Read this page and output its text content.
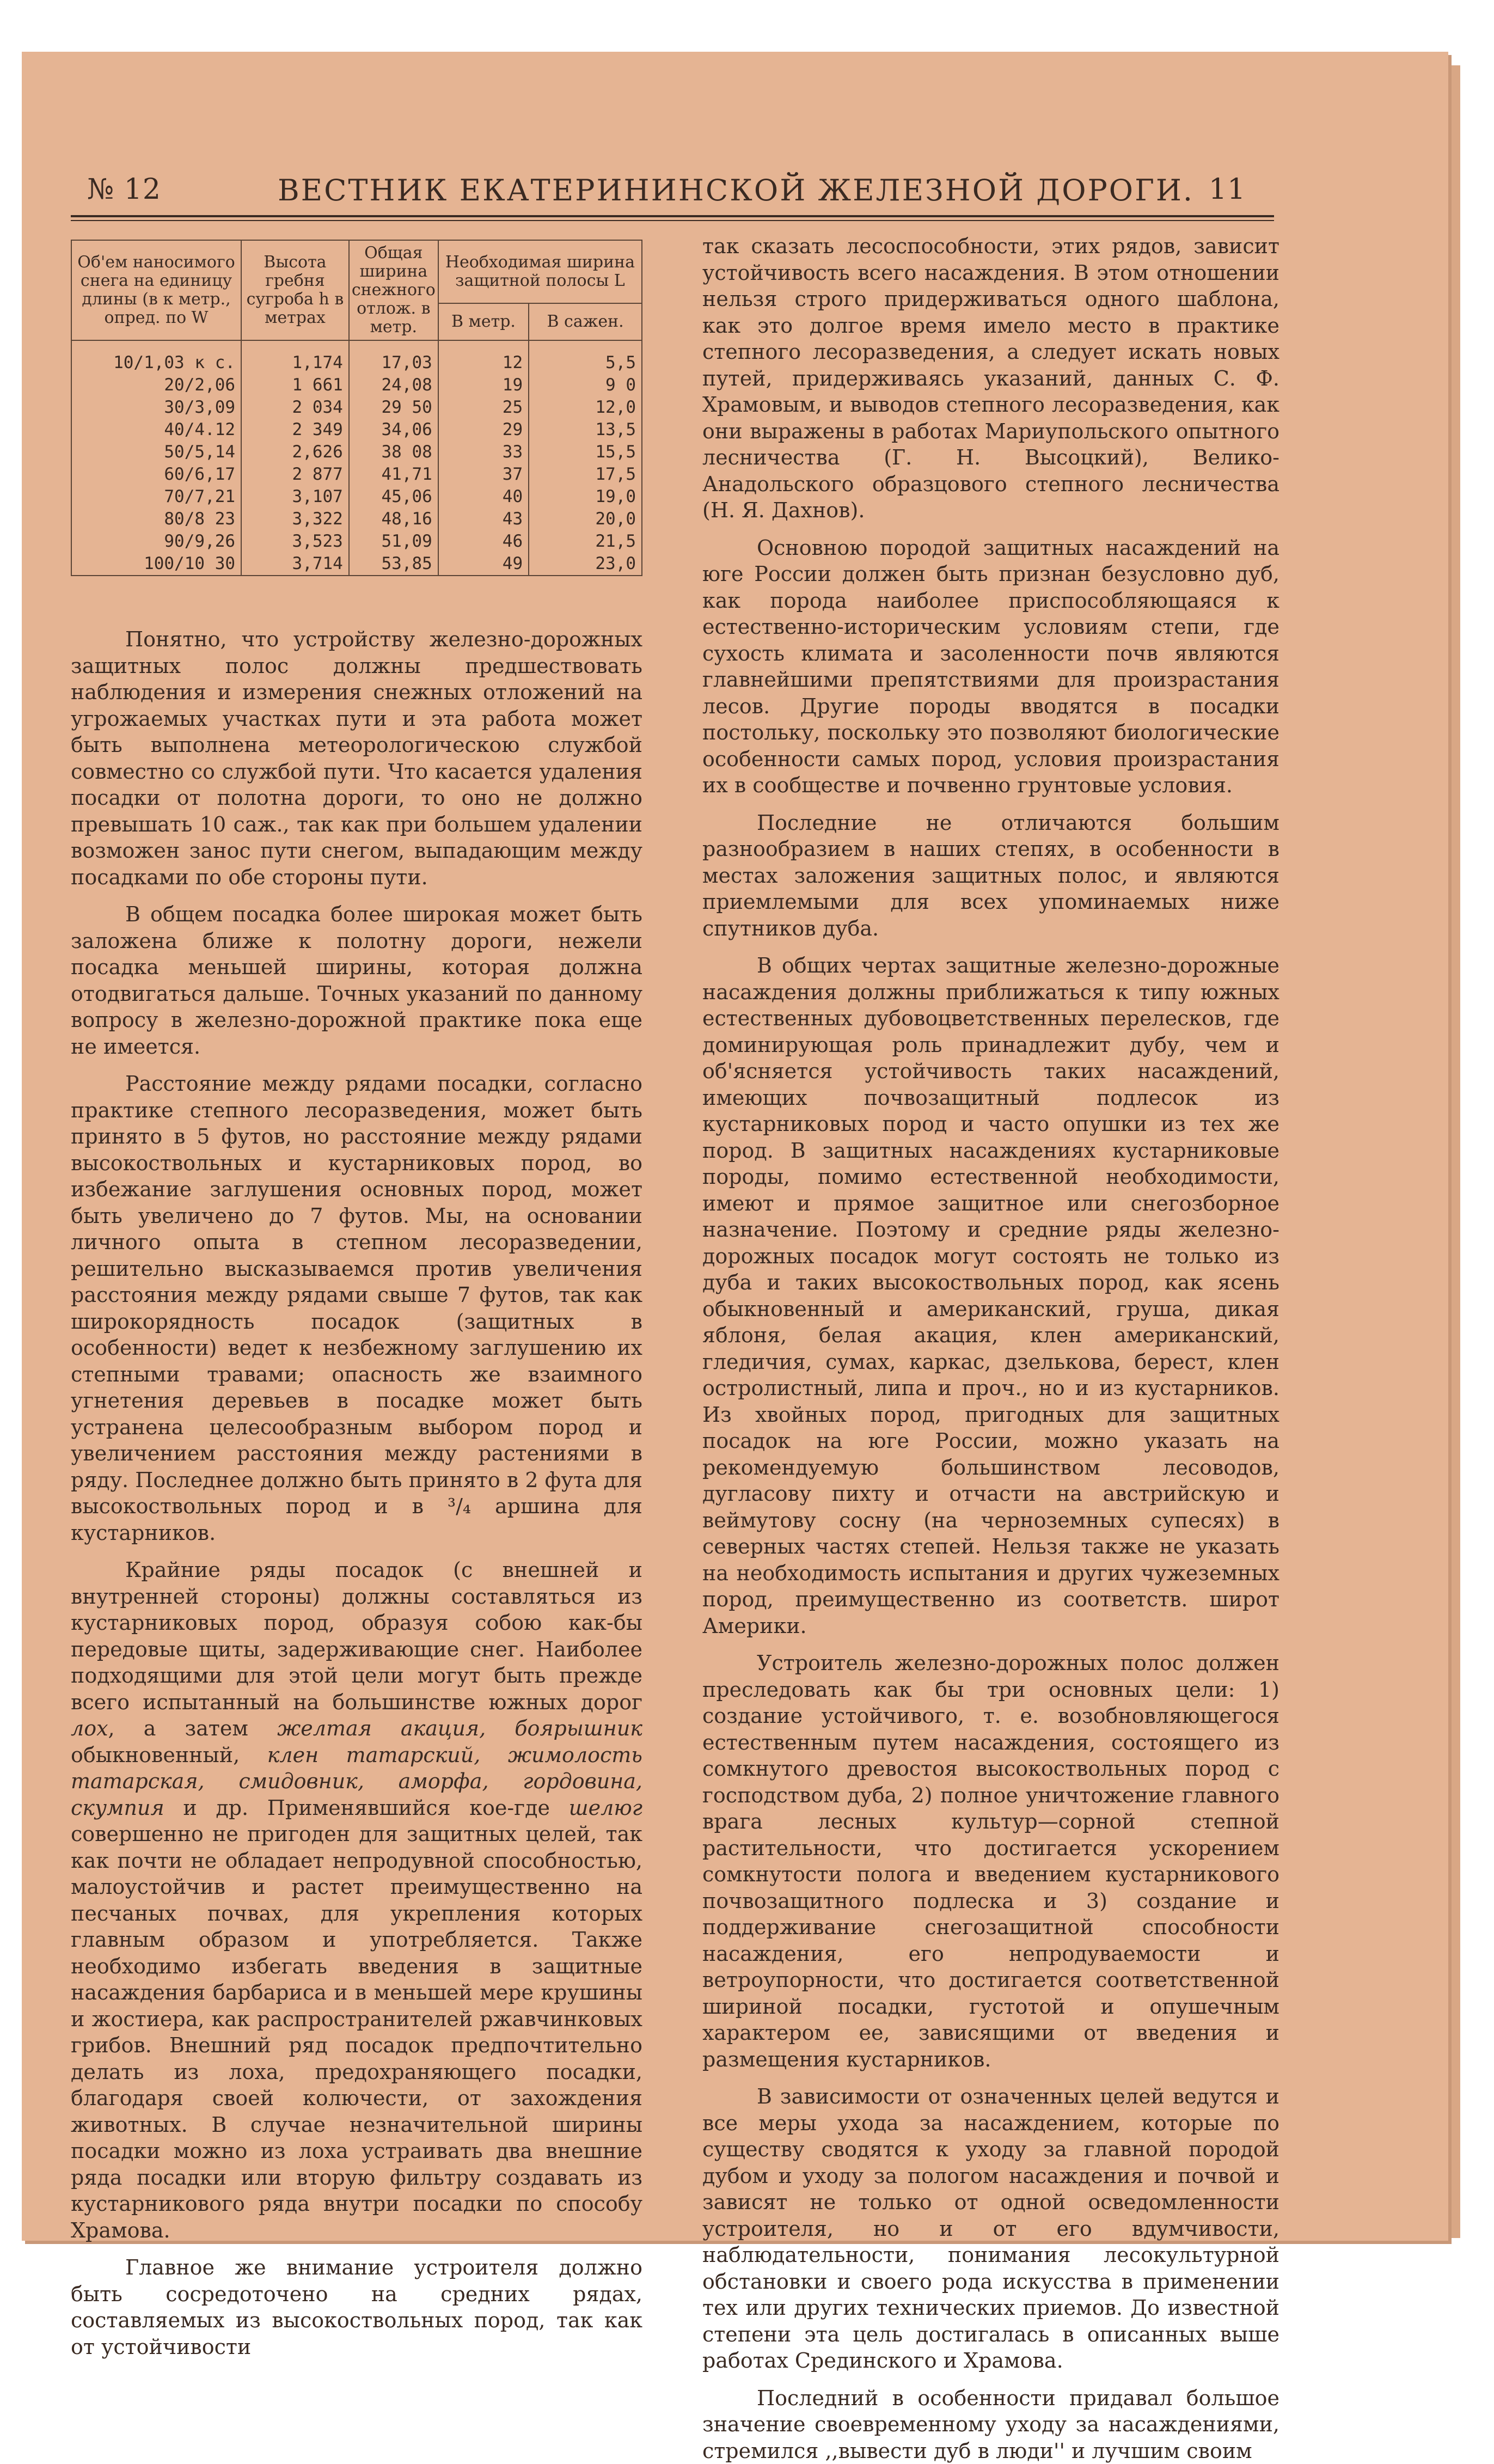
№ 12	ВЕСТНИК ЕКАТЕРИНИНСКОЙ ЖЕЛЕЗНОЙ ДОРОГИ. 11
Об'ем наносимого снега на единицу длины (в к метр., опред. по W	Высота гребня сугроба h в метрах	Общая ширина снежного отлож. в метр.	Необходимая ширина защитной полосы L	
			В метр.	В сажен.
10/1,03 к с.	1,174	17,03	12	5,5
20/2,06	1 661	24,08	19	9 0
30/3,09	2 034	29 50	25	12,0
40/4.12	2 349	34,06	29	13,5
50/5,14	2,626	38 08	33	15,5
60/6,17	2 877	41,71	37	17,5
70/7,21	3,107	45,06	40	19,0
80/8 23	3,322	48,16	43	20,0
90/9,26	3,523	51,09	46	21,5
100/10 30	3,714	53,85	49	23,0

Понятно, что устройству железно-дорожных защитных полос должны предшествовать наблюдения и измерения снежных отложений на угрожаемых участках пути и эта работа может быть выполнена метеорологическою службой совместно со службой пути. Что касается удаления посадки от полотна дороги, то оно не должно превышать 10 саж., так как при большем удалении возможен занос пути снегом, выпадающим между посадками по обе стороны пути.

В общем посадка более широкая может быть заложена ближе к полотну дороги, нежели посадка меньшей ширины, которая должна отодвигаться дальше. Точных указаний по данному вопросу в железно-дорожной практике пока еще не имеется.

Расстояние между рядами посадки, согласно практике степного лесоразведения, может быть принято в 5 футов, но расстояние между рядами высокоствольных и кустарниковых пород, во избежание заглушения основных пород, может быть увеличено до 7 футов. Мы, на основании личного опыта в степном лесоразведении, решительно высказываемся против увеличения расстояния между рядами свыше 7 футов, так как широкорядность посадок (защитных в особенности) ведет к незбежному заглушению их степными травами; опасность же взаимного угнетения деревьев в посадке может быть устранена целесообразным выбором пород и увеличением расстояния между растениями в ряду. Последнее должно быть принято в 2 фута для высокоствольных пород и в ³/₄ аршина для кустарников.

Крайние ряды посадок (с внешней и внутренней стороны) должны составляться из кустарниковых пород, образуя собою как-бы передовые щиты, задерживающие снег. Наиболее подходящими для этой цели могут быть прежде всего испытанный на большинстве южных дорог лох, а затем желтая акация, боярышник обыкновенный, клен татарский, жимолость татарская, смидовник, аморфа, гордовина, скумпия и др. Применявшийся кое-где шелюг совершенно не пригоден для защитных целей, так как почти не обладает непродувной способностью, малоустойчив и растет преимущественно на песчаных почвах, для укрепления которых главным образом и употребляется. Также необходимо избегать введения в защитные насаждения барбариса и в меньшей мере крушины и жостиера, как распространителей ржавчинковых грибов. Внешний ряд посадок предпочтительно делать из лоха, предохраняющего посадки, благодаря своей колючести, от захождения животных. В случае незначительной ширины посадки можно из лоха устраивать два внешние ряда посадки или вторую фильтру создавать из кустарникового ряда внутри посадки по способу Храмова.

Главное же внимание устроителя должно быть сосредоточено на средних рядах, составляемых из высокоствольных пород, так как от устойчивости

так сказать лесоспособности, этих рядов, зависит устойчивость всего насаждения. В этом отношении нельзя строго придерживаться одного шаблона, как это долгое время имело место в практике степного лесоразведения, а следует искать новых путей, придерживаясь указаний, данных С. Ф. Храмовым, и выводов степного лесоразведения, как они выражены в работах Мариупольского опытного лесничества (Г. Н. Высоцкий), Велико-Анадольского образцового степного лесничества (Н. Я. Дахнов).

Основною породой защитных насаждений на юге России должен быть признан безусловно дуб, как порода наиболее приспособляющаяся к естественно-историческим условиям степи, где сухость климата и засоленности почв являются главнейшими препятствиями для произрастания лесов. Другие породы вводятся в посадки постольку, поскольку это позволяют биологические особенности самых пород, условия произрастания их в сообществе и почвенно грунтовые условия.

Последние не отличаются большим разнообразием в наших степях, в особенности в местах заложения защитных полос, и являются приемлемыми для всех упоминаемых ниже спутников дуба.

В общих чертах защитные железно-дорожные насаждения должны приближаться к типу южных естественных дубовоцветственных перелесков, где доминирующая роль принадлежит дубу, чем и об'ясняется устойчивость таких насаждений, имеющих почвозащитный подлесок из кустарниковых пород и часто опушки из тех же пород. В защитных насаждениях кустарниковые породы, помимо естественной необходимости, имеют и прямое защитное или снегозборное назначение. Поэтому и средние ряды железно-дорожных посадок могут состоять не только из дуба и таких высокоствольных пород, как ясень обыкновенный и американский, груша, дикая яблоня, белая акация, клен американский, гледичия, сумах, каркас, дзелькова, берест, клен остролистный, липа и проч., но и из кустарников. Из хвойных пород, пригодных для защитных посадок на юге России, можно указать на рекомендуемую большинством лесоводов, дугласову пихту и отчасти на австрийскую и веймутову сосну (на черноземных супесях) в северных частях степей. Нельзя также не указать на необходимость испытания и других чужеземных пород, преимущественно из соответств. широт Америки.

Устроитель железно-дорожных полос должен преследовать как бы три основных цели: 1) создание устойчивого, т. е. возобновляющегося естественным путем насаждения, состоящего из сомкнутого древостоя высокоствольных пород с господством дуба, 2) полное уничтожение главного врага лесных культур—сорной степной растительности, что достигается ускорением сомкнутости полога и введением кустарникового почвозащитного подлеска и 3) создание и поддерживание снегозащитной способности насаждения, его непродуваемости и ветроупорности, что достигается соответственной шириной посадки, густотой и опушечным характером ее, зависящими от введения и размещения кустарников.

В зависимости от означенных целей ведутся и все меры ухода за насаждением, которые по существу сводятся к уходу за главной породой дубом и уходу за пологом насаждения и почвой и зависят не только от одной осведомленности устроителя, но и от его вдумчивости, наблюдательности, понимания лесокультурной обстановки и своего рода искусства в применении тех или других технических приемов. До известной степени эта цель достигалась в описанных выше работах Срединского и Храмова.

Последний в особенности придавал большое значение своевременному уходу за насаждениями, стремился ,,вывести дуб в люди'' и лучшим своим
